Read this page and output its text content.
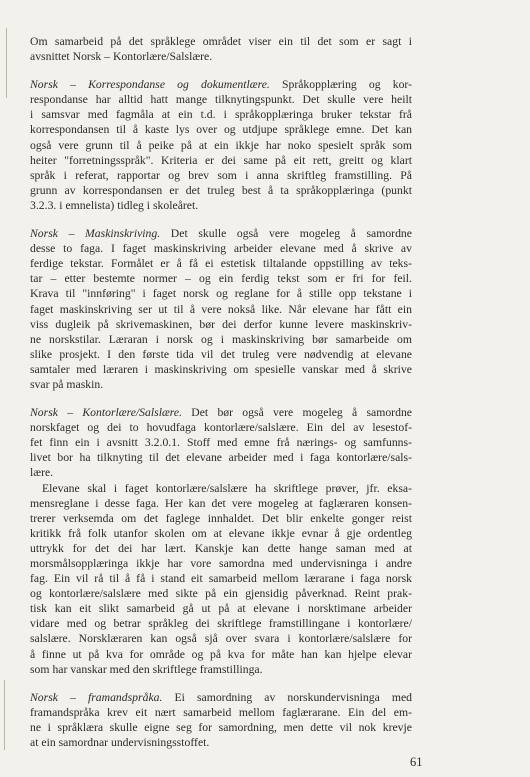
Om samarbeid på det språklege området viser ein til det som er sagt i
avsnittet Norsk – Kontorlære/Salslære.

Norsk – Korrespondanse og dokumentlære. Språkopplæring og kor-
respondanse har alltid hatt mange tilknytingspunkt. Det skulle vere heilt
i samsvar med fagmåla at ein t.d. i språkopplæringa bruker tekstar frå
korrespondansen til å kaste lys over og utdjupe språklege emne. Det kan
også vere grunn til å peike på at ein ikkje har noko spesielt språk som
heiter "forretningsspråk". Kriteria er dei same på eit rett, greitt og klart
språk i referat, rapportar og brev som i anna skriftleg framstilling. På
grunn av korrespondansen er det truleg best å ta språkopplæringa (punkt
3.2.3. i emnelista) tidleg i skoleåret.

Norsk – Maskinskriving. Det skulle også vere mogeleg å samordne
desse to faga. I faget maskinskriving arbeider elevane med å skrive av
ferdige tekstar. Formålet er å få ei estetisk tiltalande oppstilling av teks-
tar – etter bestemte normer – og ein ferdig tekst som er fri for feil.
Krava til "innføring" i faget norsk og reglane for å stille opp tekstane i
faget maskinskriving ser ut til å vere nokså like. Når elevane har fått ein
viss dugleik på skrivemaskinen, bør dei derfor kunne levere maskinskriv-
ne norskstilar. Læraran i norsk og i maskinskriving bør samarbeide om
slike prosjekt. I den første tida vil det truleg vere nødvendig at elevane
samtaler med læraren i maskinskriving om spesielle vanskar med å skrive
svar på maskin.

Norsk – Kontorlære/Salslære. Det bør også vere mogeleg å samordne
norskfaget og dei to hovudfaga kontorlære/salslære. Ein del av lesestof-
fet finn ein i avsnitt 3.2.0.1. Stoff med emne frå nærings- og samfunns-
livet bor ha tilknyting til det elevane arbeider med i faga kontorlære/sals-
lære.

Elevane skal i faget kontorlære/salslære ha skriftlege prøver, jfr. eksa-
mensreglane i desse faga. Her kan det vere mogeleg at faglæraren konsen-
trerer verksemda om det faglege innhaldet. Det blir enkelte gonger reist
kritikk frå folk utanfor skolen om at elevane ikkje evnar å gje ordentleg
uttrykk for det dei har lært. Kanskje kan dette hange saman med at
morsmålsopplæringa ikkje har vore samordna med undervisninga i andre
fag. Ein vil rå til å få i stand eit samarbeid mellom læraranе i faga norsk
og kontorlære/salslære med sikte på ein gjensidig påverknad. Reint prak-
tisk kan eit slikt samarbeid gå ut på at elevane i norsktimane arbeider
vidare med og betrar språkleg dei skriftlege framstillingane i kontorlære/
salslære. Norsklæraren kan også sjå over svara i kontorlære/salslære for
å finne ut på kva for område og på kva for måte han kan hjelpe elevar
som har vanskar med den skriftlege framstillinga.

Norsk – framandspråka. Ei samordning av norskundervisninga med
framandspråka krev eit nært samarbeid mellom faglæraranе. Ein del em-
ne i språklæra skulle eigne seg for samordning, men dette vil nok krevje
at ein samordnar undervisningsstoffet.

61
